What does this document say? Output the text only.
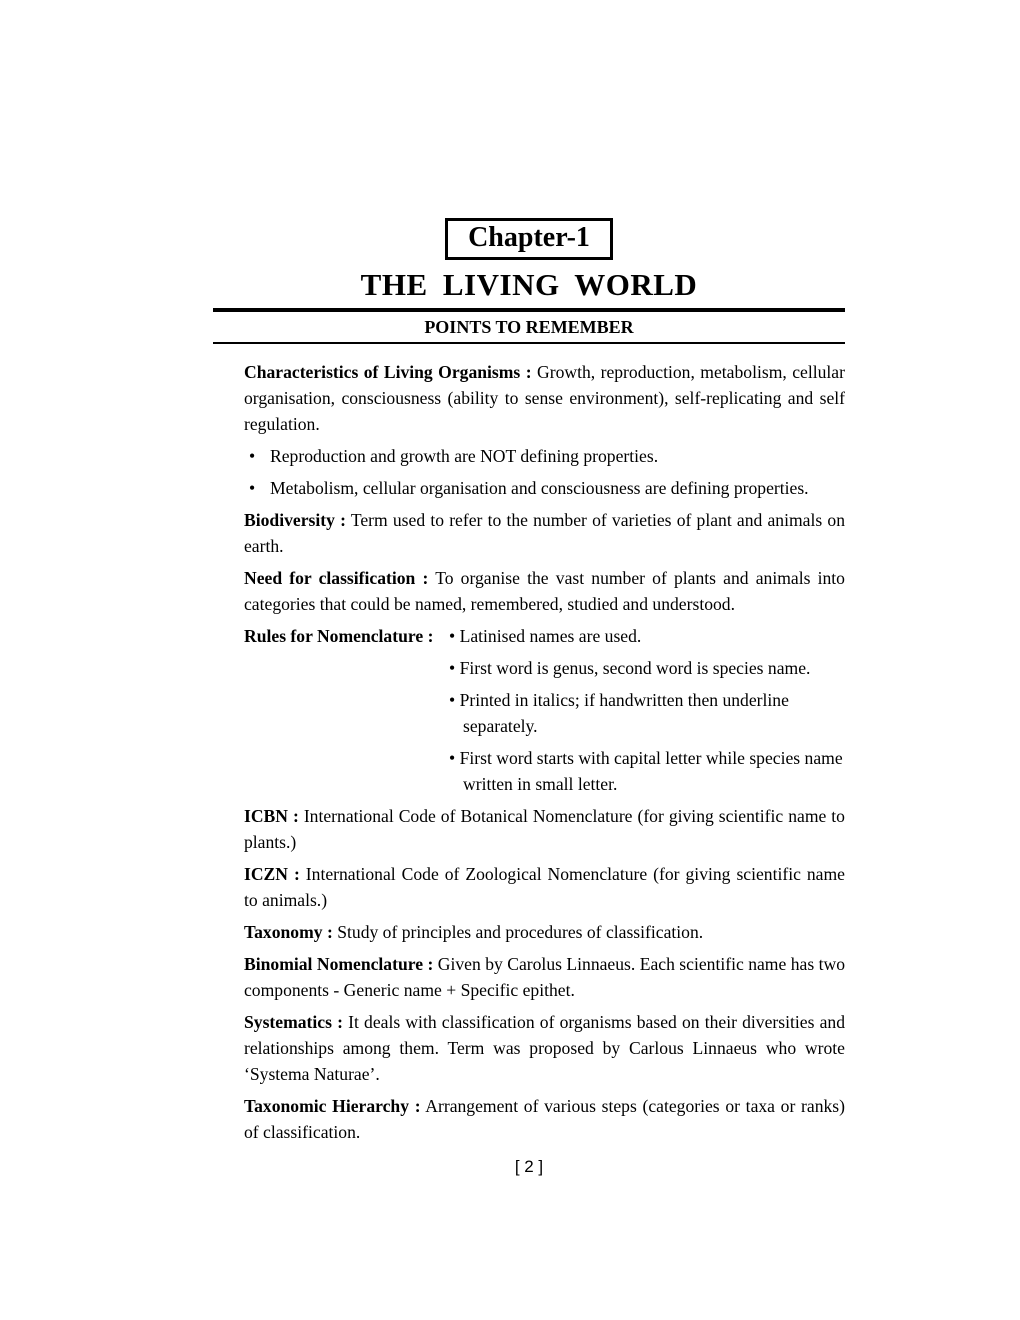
Chapter-1
THE LIVING WORLD
POINTS TO REMEMBER

Characteristics of Living Organisms : Growth, reproduction, metabolism, cellular organisation, consciousness (ability to sense environment), self-replicating and self regulation.

• Reproduction and growth are NOT defining properties.
• Metabolism, cellular organisation and consciousness are defining properties.

Biodiversity : Term used to refer to the number of varieties of plant and animals on earth.

Need for classification : To organise the vast number of plants and animals into categories that could be named, remembered, studied and understood.

Rules for Nomenclature : • Latinised names are used.
• First word is genus, second word is species name.
• Printed in italics; if handwritten then underline separately.
• First word starts with capital letter while species name written in small letter.

ICBN : International Code of Botanical Nomenclature (for giving scientific name to plants.)

ICZN : International Code of Zoological Nomenclature (for giving scientific name to animals.)

Taxonomy : Study of principles and procedures of classification.

Binomial Nomenclature : Given by Carolus Linnaeus. Each scientific name has two components - Generic name + Specific epithet.

Systematics : It deals with classification of organisms based on their diversities and relationships among them. Term was proposed by Carlous Linnaeus who wrote ‘Systema Naturae’.

Taxonomic Hierarchy : Arrangement of various steps (categories or taxa or ranks) of classification.

[ 2 ]
